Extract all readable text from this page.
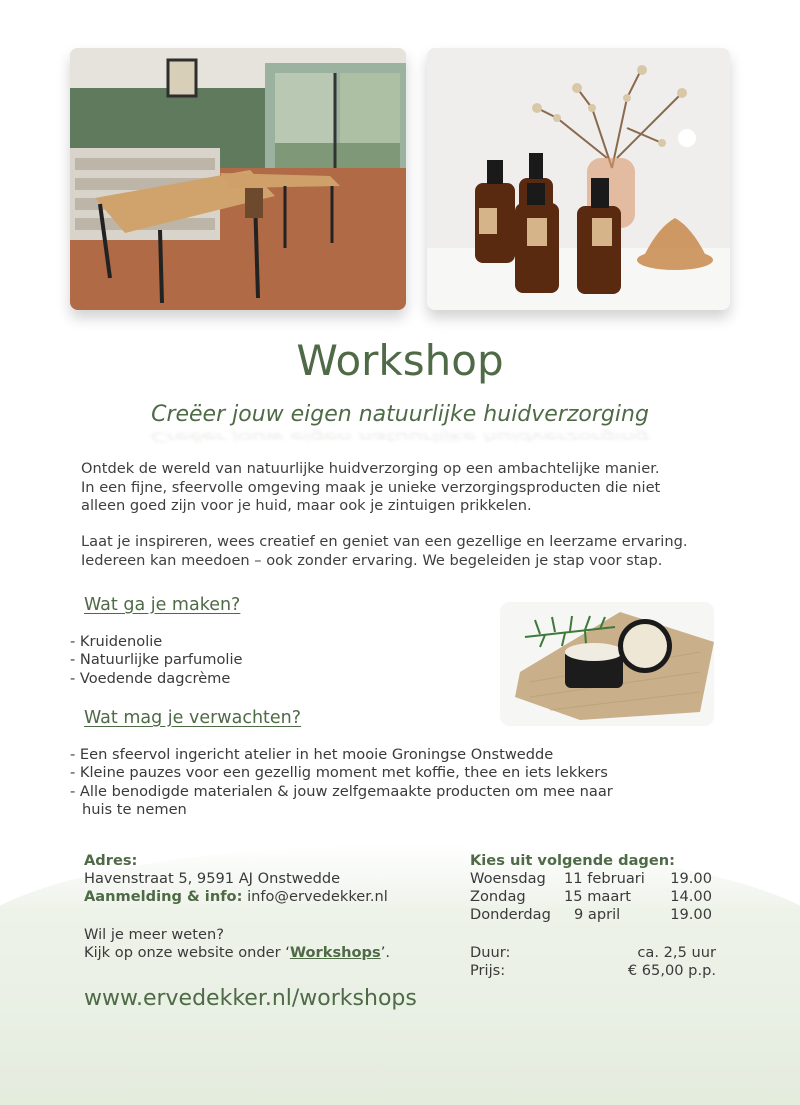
Workshop
Creëer jouw eigen natuurlijke huidverzorging
Creëer jouw eigen natuurlijke huidverzorging
Ontdek de wereld van natuurlijke huidverzorging op een ambachtelijke manier.
In een fijne, sfeervolle omgeving maak je unieke verzorgingsproducten die niet
alleen goed zijn voor je huid, maar ook je zintuigen prikkelen.
Laat je inspireren, wees creatief en geniet van een gezellige en leerzame ervaring.
Iedereen kan meedoen – ook zonder ervaring. We begeleiden je stap voor stap.
Wat ga je maken?
- Kruidenolie
- Natuurlijke parfumolie
- Voedende dagcrème
Wat mag je verwachten?
- Een sfeervol ingericht atelier in het mooie Groningse Onstwedde
- Kleine pauzes voor een gezellig moment met koffie, thee en iets lekkers
- Alle benodigde materialen & jouw zelfgemaakte producten om mee naar
huis te nemen
Adres:
Havenstraat 5, 9591 AJ Onstwedde
Aanmelding & info: info@ervedekker.nl
Wil je meer weten?
Kijk op onze website onder ‘Workshops’.
Kies uit volgende dagen:
Woensdag 11 februari 19.00
Zondag	15 maart	14.00
Donderdag 9 april	19.00
Duur:	ca. 2,5 uur
Prijs:	€ 65,00 p.p.
www.ervedekker.nl/workshops
